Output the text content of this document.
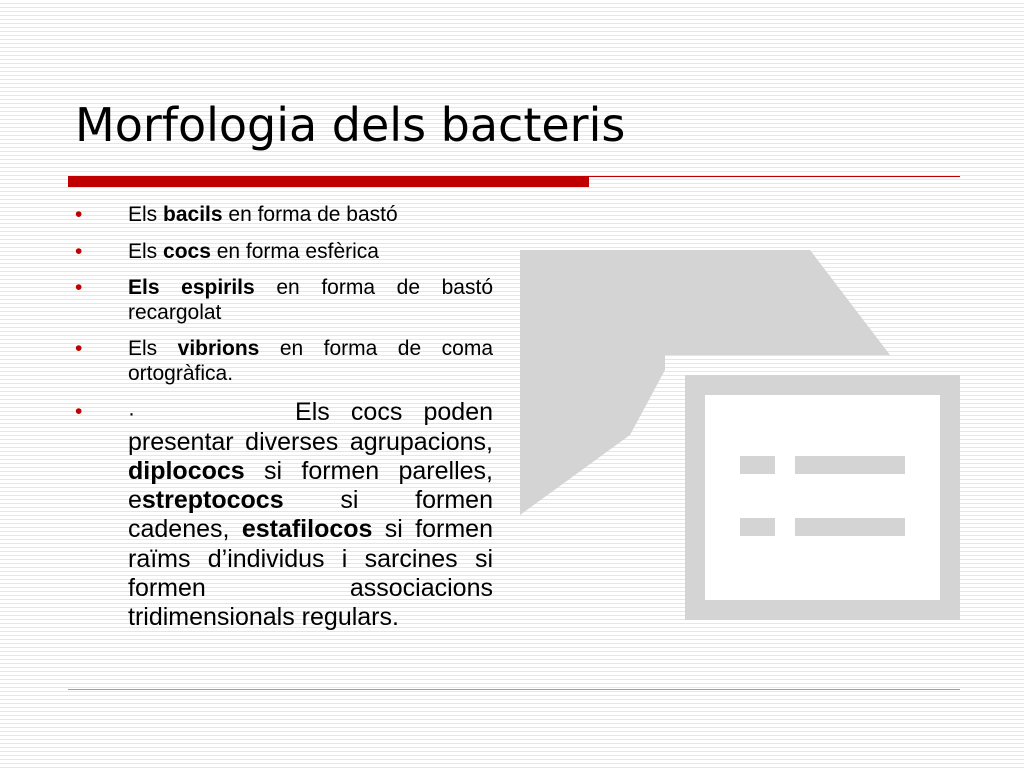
Morfologia dels bacteris
• Els bacils en forma de bastó
• Els cocs en forma esfèrica
• Els espirils en forma de bastó recargolat
• Els vibrions en forma de coma ortogràfica.
• · Els cocs poden presentar diverses agrupacions, diplococs si formen parelles, estreptococs si formen cadenes, estafilocos si formen raïms d’individus i sarcines si formen associacions tridimensionals regulars.
